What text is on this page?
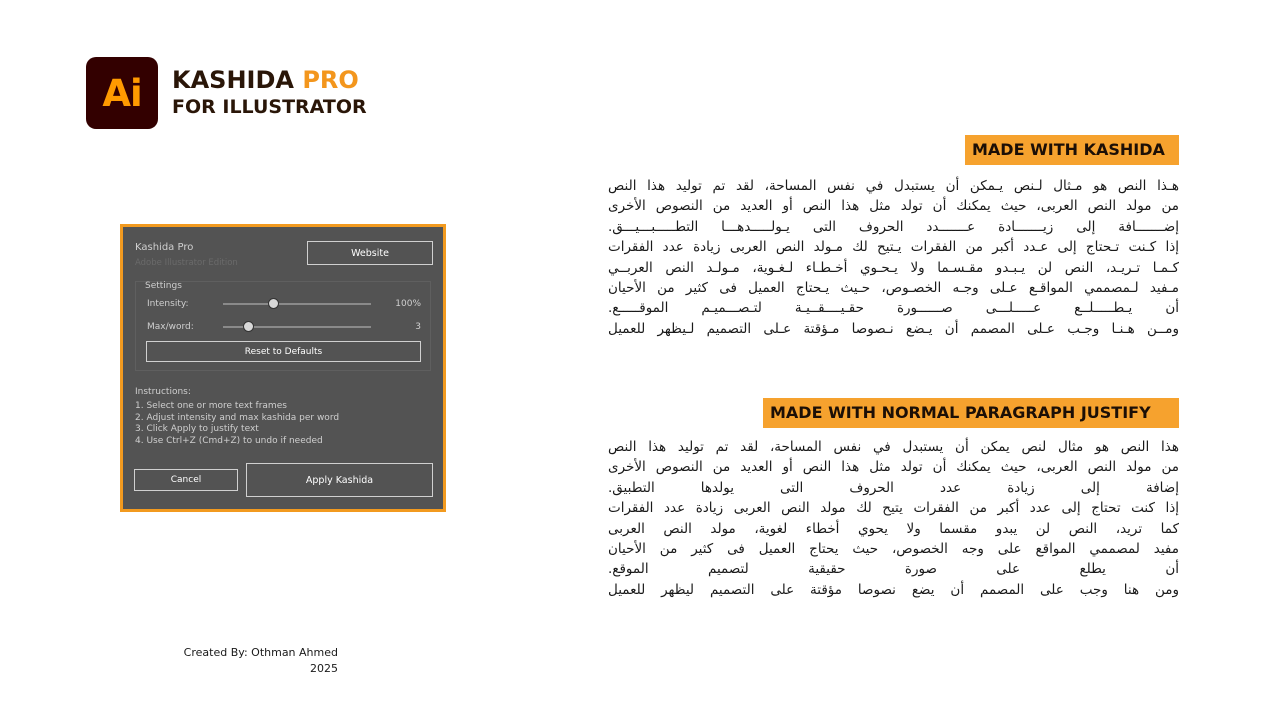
Ai KASHIDA PRO
FOR ILLUSTRATOR
Kashida Pro
Adobe Illustrator Edition
Website
Settings
Intensity:	100%
Max/word:	3
Reset to Defaults
Instructions:
1. Select one or more text frames
2. Adjust intensity and max kashida per word
3. Click Apply to justify text
4. Use Ctrl+Z (Cmd+Z) to undo if needed
Cancel	Apply Kashida
MADE WITH KASHIDA
هـذا النص هو مـثال لـنص يـمكن أن يستبدل في نفس المساحة، لقد تم توليد هذا النص
من مولد النص العربى، حيث يمكنك أن تولد مثل هذا النص أو العديد من النصوص الأخرى
إضـــــــافة إلى زيـــــــادة عـــــــدد الحروف التى يـولـــــدهـــا التطـــــبـــيـــق.
إذا كـنت تـحتاج إلى عـدد أكبر من الفقرات يـتيح لك مـولد النص العربى زيادة عدد الفقرات
كـمـا تـريـد، النص لن يـبـدو مقـسـما ولا يـحـوي أخـطـاء لـغـوية، مـولـد النص العربــي
مـفيد لـمصممي المواقـع عـلى وجـه الخصـوص، حـيث يـحتاج العميل فى كثير من الأحيان
أن يـطـــــلــع عـــــلـــى صــــــورة حقـيــــقــيـة لتـصـــميـم الموقـــــع.
ومــن هـنـا وجـب عـلى المصمم أن يـضع نـصوصا مـؤقتة عـلى التصميم لـيظهر للعميل
MADE WITH NORMAL PARAGRAPH JUSTIFY
هذا النص هو مثال لنص يمكن أن يستبدل في نفس المساحة، لقد تم توليد هذا النص
من مولد النص العربى، حيث يمكنك أن تولد مثل هذا النص أو العديد من النصوص الأخرى
إضافة إلى زيادة عدد الحروف التى يولدها التطبيق.
إذا كنت تحتاج إلى عدد أكبر من الفقرات يتيح لك مولد النص العربى زيادة عدد الفقرات
كما تريد، النص لن يبدو مقسما ولا يحوي أخطاء لغوية، مولد النص العربى
مفيد لمصممي المواقع على وجه الخصوص، حيث يحتاج العميل فى كثير من الأحيان
أن يطلع على صورة حقيقية لتصميم الموقع.
ومن هنا وجب على المصمم أن يضع نصوصا مؤقتة على التصميم ليظهر للعميل
Created By: Othman Ahmed
2025
